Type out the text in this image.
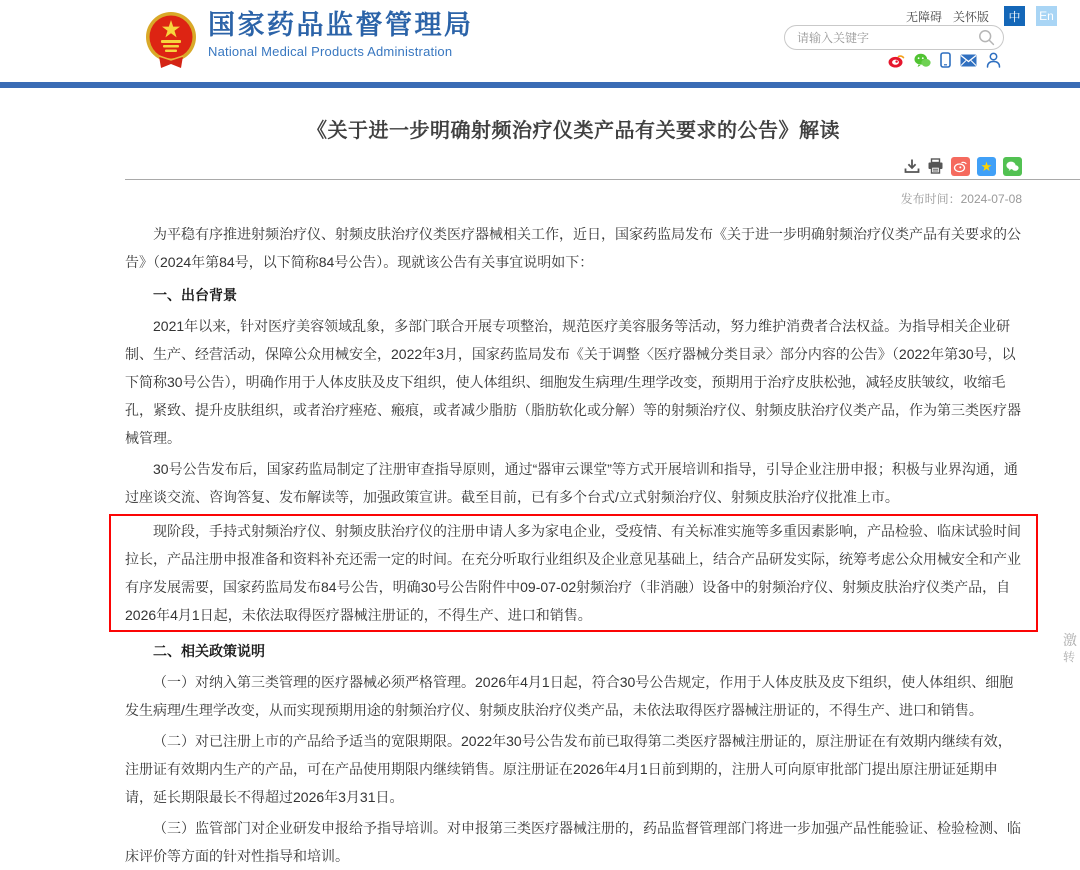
国家药品监督管理局
National Medical Products Administration
无障碍 关怀版	中	En
请输入关键字
《关于进一步明确射频治疗仪类产品有关要求的公告》解读
★
发布时间：2024-07-08

为平稳有序推进射频治疗仪、射频皮肤治疗仪类医疗器械相关工作，近日，国家药监局发布《关于进一步明确射频治疗仪类产品有关要求的公告》（2024年第84号，以下简称84号公告）。现就该公告有关事宜说明如下：

一、出台背景

2021年以来，针对医疗美容领域乱象，多部门联合开展专项整治，规范医疗美容服务等活动，努力维护消费者合法权益。为指导相关企业研制、生产、经营活动，保障公众用械安全，2022年3月，国家药监局发布《关于调整〈医疗器械分类目录〉部分内容的公告》（2022年第30号，以下简称30号公告），明确作用于人体皮肤及皮下组织，使人体组织、细胞发生病理/生理学改变，预期用于治疗皮肤松弛，减轻皮肤皱纹，收缩毛孔，紧致、提升皮肤组织，或者治疗痤疮、瘢痕，或者减少脂肪（脂肪软化或分解）等的射频治疗仪、射频皮肤治疗仪类产品，作为第三类医疗器械管理。

30号公告发布后，国家药监局制定了注册审查指导原则，通过“器审云课堂”等方式开展培训和指导，引导企业注册申报；积极与业界沟通，通过座谈交流、咨询答复、发布解读等，加强政策宣讲。截至目前，已有多个台式/立式射频治疗仪、射频皮肤治疗仪批准上市。

现阶段，手持式射频治疗仪、射频皮肤治疗仪的注册申请人多为家电企业，受疫情、有关标准实施等多重因素影响，产品检验、临床试验时间拉长，产品注册申报准备和资料补充还需一定的时间。在充分听取行业组织及企业意见基础上，结合产品研发实际，统筹考虑公众用械安全和产业有序发展需要，国家药监局发布84号公告，明确30号公告附件中09-07-02射频治疗（非消融）设备中的射频治疗仪、射频皮肤治疗仪类产品，自2026年4月1日起，未依法取得医疗器械注册证的，不得生产、进口和销售。

二、相关政策说明

（一）对纳入第三类管理的医疗器械必须严格管理。2026年4月1日起，符合30号公告规定，作用于人体皮肤及皮下组织，使人体组织、细胞发生病理/生理学改变，从而实现预期用途的射频治疗仪、射频皮肤治疗仪类产品，未依法取得医疗器械注册证的，不得生产、进口和销售。

（二）对已注册上市的产品给予适当的宽限期限。2022年30号公告发布前已取得第二类医疗器械注册证的，原注册证在有效期内继续有效，注册证有效期内生产的产品，可在产品使用期限内继续销售。原注册证在2026年4月1日前到期的，注册人可向原审批部门提出原注册证延期申请，延长期限最长不得超过2026年3月31日。

（三）监管部门对企业研发申报给予指导培训。对申报第三类医疗器械注册的，药品监督管理部门将进一步加强产品性能验证、检验检测、临床评价等方面的针对性指导和培训。

激
转
